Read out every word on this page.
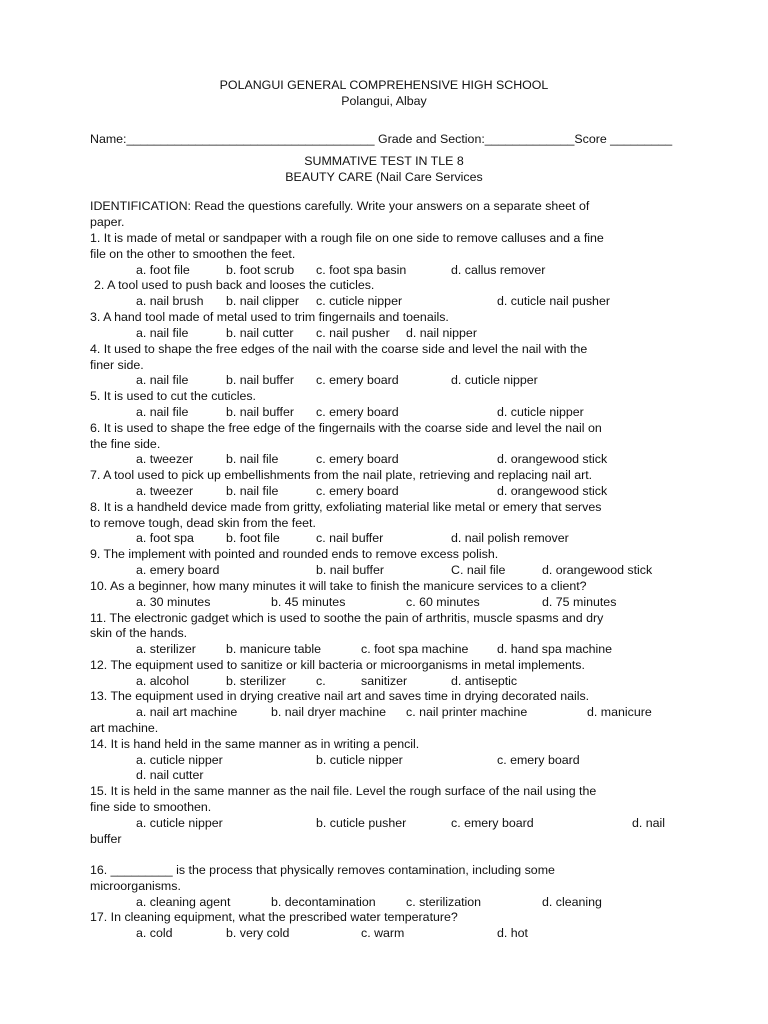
POLANGUI GENERAL COMPREHENSIVE HIGH SCHOOL
Polangui, Albay
Name:____________________________________ Grade and Section:_____________Score _________
SUMMATIVE TEST IN TLE 8
BEAUTY CARE (Nail Care Services
IDENTIFICATION: Read the questions carefully. Write your answers on a separate sheet of
paper.
1. It is made of metal or sandpaper with a rough file on one side to remove calluses and a fine
file on the other to smoothen the feet.
a. foot file	b. foot scrub c. foot spa basin	d. callus remover
2. A tool used to push back and looses the cuticles.
a. nail brush b. nail clipper c. cuticle nipper	d. cuticle nail pusher
3. A hand tool made of metal used to trim fingernails and toenails.
a. nail file	b. nail cutter c. nail pusher d. nail nipper
4. It used to shape the free edges of the nail with the coarse side and level the nail with the
finer side.
a. nail file	b. nail buffer c. emery board	d. cuticle nipper
5. It is used to cut the cuticles.
a. nail file	b. nail buffer c. emery board	d. cuticle nipper
6. It is used to shape the free edge of the fingernails with the coarse side and level the nail on
the fine side.
a. tweezer	b. nail file	c. emery board	d. orangewood stick
7. A tool used to pick up embellishments from the nail plate, retrieving and replacing nail art.
a. tweezer	b. nail file	c. emery board	d. orangewood stick
8. It is a handheld device made from gritty, exfoliating material like metal or emery that serves
to remove tough, dead skin from the feet.
a. foot spa	b. foot file	c. nail buffer	d. nail polish remover
9. The implement with pointed and rounded ends to remove excess polish.
a. emery board	b. nail buffer	C. nail file	d. orangewood stick
10. As a beginner, how many minutes it will take to finish the manicure services to a client?
a. 30 minutes	b. 45 minutes	c. 60 minutes	d. 75 minutes
11. The electronic gadget which is used to soothe the pain of arthritis, muscle spasms and dry
skin of the hands.
a. sterilizer b. manicure table	c. foot spa machine d. hand spa machine
12. The equipment used to sanitize or kill bacteria or microorganisms in metal implements.
a. alcohol	b. sterilizer c.	sanitizer	d. antiseptic
13. The equipment used in drying creative nail art and saves time in drying decorated nails.
a. nail art machine	b. nail dryer machine c. nail printer machine	d. manicure
art machine.
14. It is hand held in the same manner as in writing a pencil.
a. cuticle nipper	b. cuticle nipper	c. emery board
d. nail cutter
15. It is held in the same manner as the nail file. Level the rough surface of the nail using the
fine side to smoothen.
a. cuticle nipper	b. cuticle pusher	c. emery board	d. nail
buffer
16. _________ is the process that physically removes contamination, including some
microorganisms.
a. cleaning agent	b. decontamination c. sterilization	d. cleaning
17. In cleaning equipment, what the prescribed water temperature?
a. cold	b. very cold	c. warm	d. hot
